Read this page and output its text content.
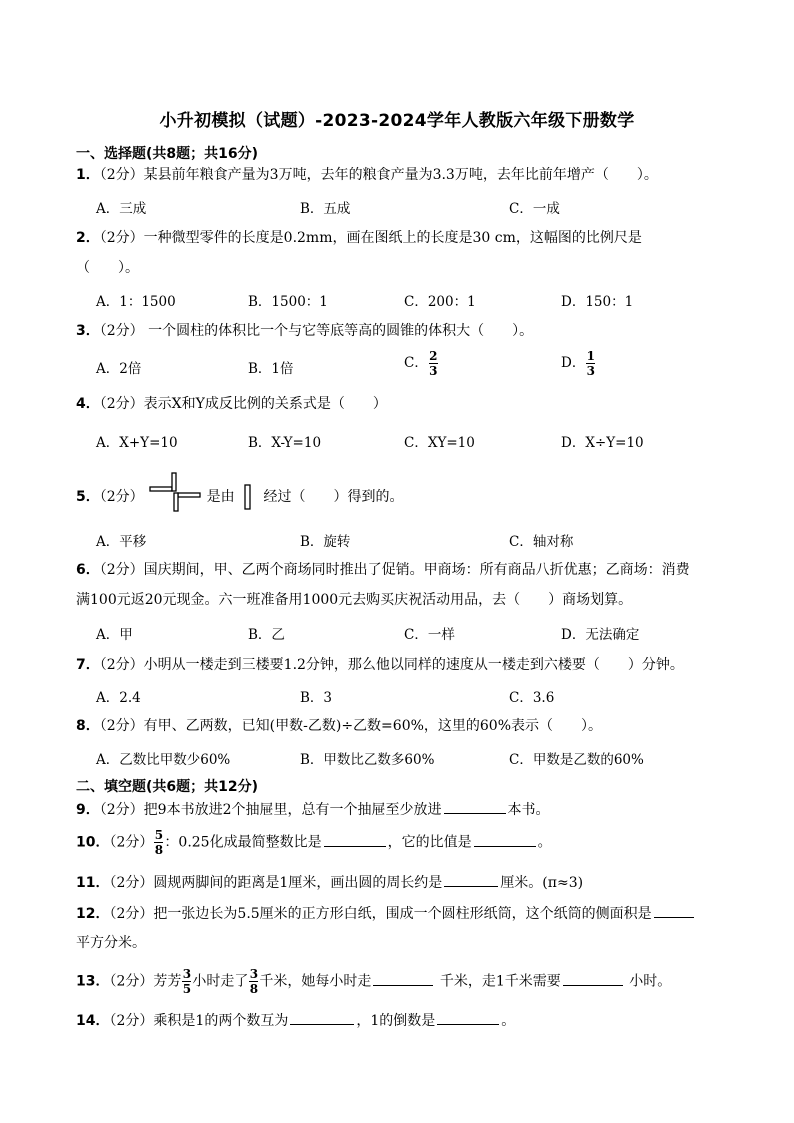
小升初模拟（试题）-2023-2024学年人教版六年级下册数学
一、选择题(共8题；共16分)
1．（2分）某县前年粮食产量为3万吨，去年的粮食产量为3.3万吨，去年比前年增产（　　）。
A．三成	B．五成	C．一成
2．（2分）一种微型零件的长度是0.2mm，画在图纸上的长度是30 cm，这幅图的比例尺是
（　　）。
A．1：1500	B．1500：1	C．200：1	D．150：1
3．（2分） 一个圆柱的体积比一个与它等底等高的圆锥的体积大（　　）。
A．2倍	B．1倍	C． $\frac{2}{3}$	D． $\frac{1}{3}$
4．（2分）表示X和Y成反比例的关系式是（　　）
A．X+Y=10	B．X-Y=10	C．XY=10	D．X÷Y=10
5．（2分）	是由 经过（　　）得到的。
A．平移	B．旋转	C．轴对称
6．（2分）国庆期间，甲、乙两个商场同时推出了促销。甲商场：所有商品八折优惠；乙商场：消费
满100元返20元现金。六一班准备用1000元去购买庆祝活动用品，去（　　）商场划算。
A．甲	B．乙	C．一样	D．无法确定
7．（2分）小明从一楼走到三楼要1.2分钟，那么他以同样的速度从一楼走到六楼要（　　）分钟。
A．2.4	B．3	C．3.6
8．（2分）有甲、乙两数，已知(甲数-乙数)÷乙数=60%，这里的60%表示（　　）。
A．乙数比甲数少60%	B．甲数比乙数多60%	C．甲数是乙数的60%
二、填空题(共6题；共12分)
9．（2分）把9本书放进2个抽屉里，总有一个抽屉至少放进	本书。
10．（2分） $\frac{5}{8}$ ：0.25化成最简整数比是	，它的比值是	。
11．（2分）圆规两脚间的距离是1厘米，画出圆的周长约是	厘米。(π≈3)
12．（2分）把一张边长为5.5厘米的正方形白纸，围成一个圆柱形纸筒，这个纸筒的侧面积是
平方分米。
13．（2分）芳芳 $\frac{3}{5}$ 小时走了 $\frac{3}{8}$ 千米，她每小时走	千米，走1千米需要	小时。
14．（2分）乘积是1的两个数互为	，1的倒数是	。
